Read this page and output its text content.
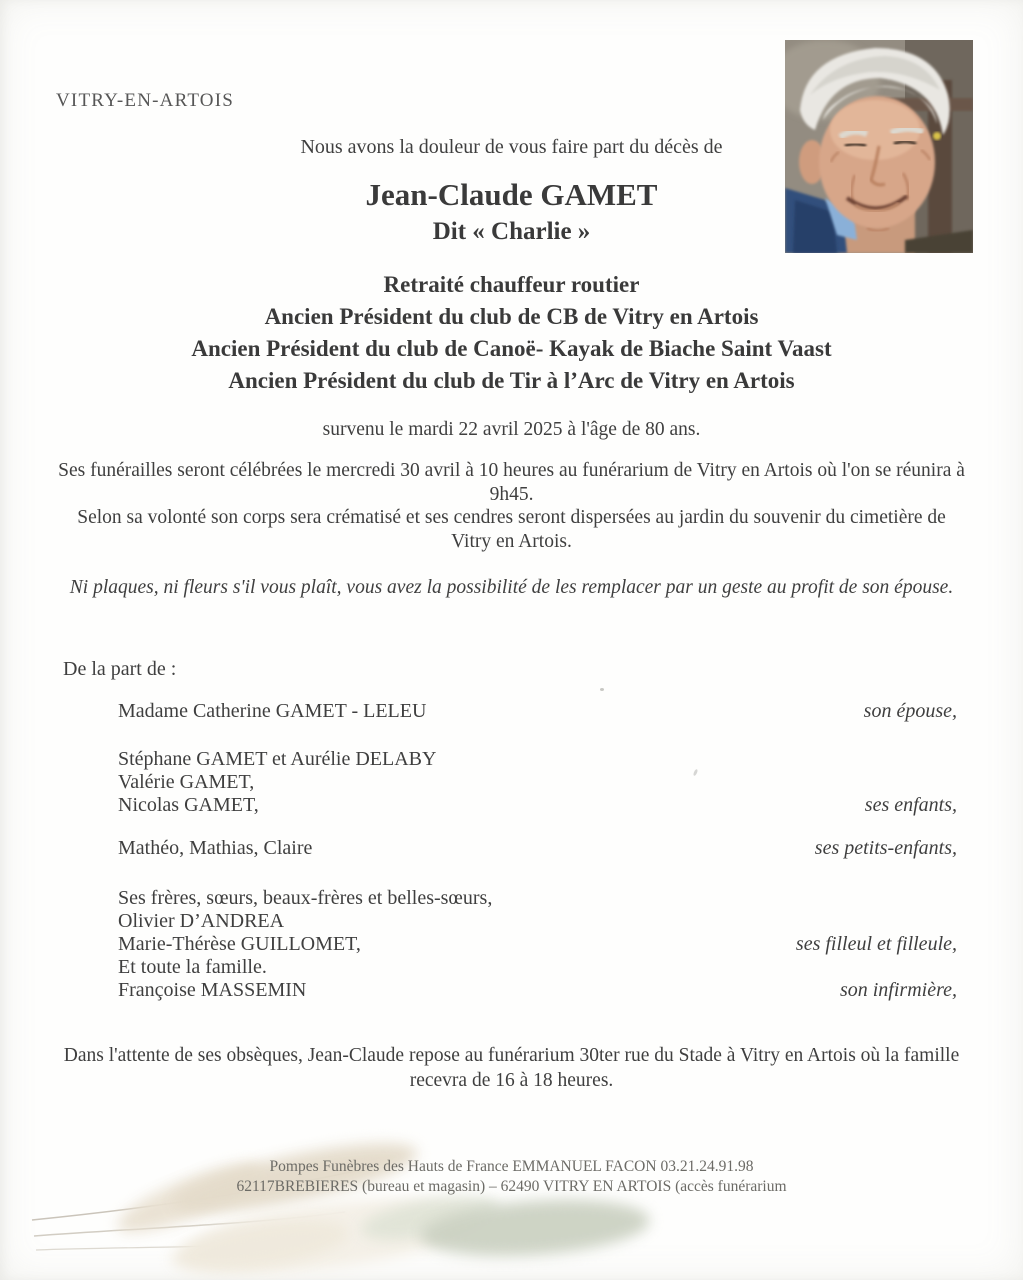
VITRY-EN-ARTOIS
Nous avons la douleur de vous faire part du décès de
Jean-Claude GAMET
Dit « Charlie »
Retraité chauffeur routier
Ancien Président du club de CB de Vitry en Artois
Ancien Président du club de Canoë- Kayak de Biache Saint Vaast
Ancien Président du club de Tir à l’Arc de Vitry en Artois
survenu le mardi 22 avril 2025 à l'âge de 80 ans.
Ses funérailles seront célébrées le mercredi 30 avril à 10 heures au funérarium de Vitry en Artois où l'on se réunira à 9h45.
Selon sa volonté son corps sera crématisé et ses cendres seront dispersées au jardin du souvenir du cimetière de Vitry en Artois.
Ni plaques, ni fleurs s'il vous plaît, vous avez la possibilité de les remplacer par un geste au profit de son épouse.
De la part de :
Madame Catherine GAMET - LELEU	son épouse,
Stéphane GAMET et Aurélie DELABY
Valérie GAMET,
Nicolas GAMET,	ses enfants,
Mathéo, Mathias, Claire	ses petits-enfants,
Ses frères, sœurs, beaux-frères et belles-sœurs,
Olivier D’ANDREA
Marie-Thérèse GUILLOMET,	ses filleul et filleule,
Et toute la famille.
Françoise MASSEMIN	son infirmière,
Dans l'attente de ses obsèques, Jean-Claude repose au funérarium 30ter rue du Stade à Vitry en Artois où la famille recevra de 16 à 18 heures.
Pompes Funèbres des Hauts de France EMMANUEL FACON 03.21.24.91.98
62117BREBIERES (bureau et magasin) – 62490 VITRY EN ARTOIS (accès funérarium
